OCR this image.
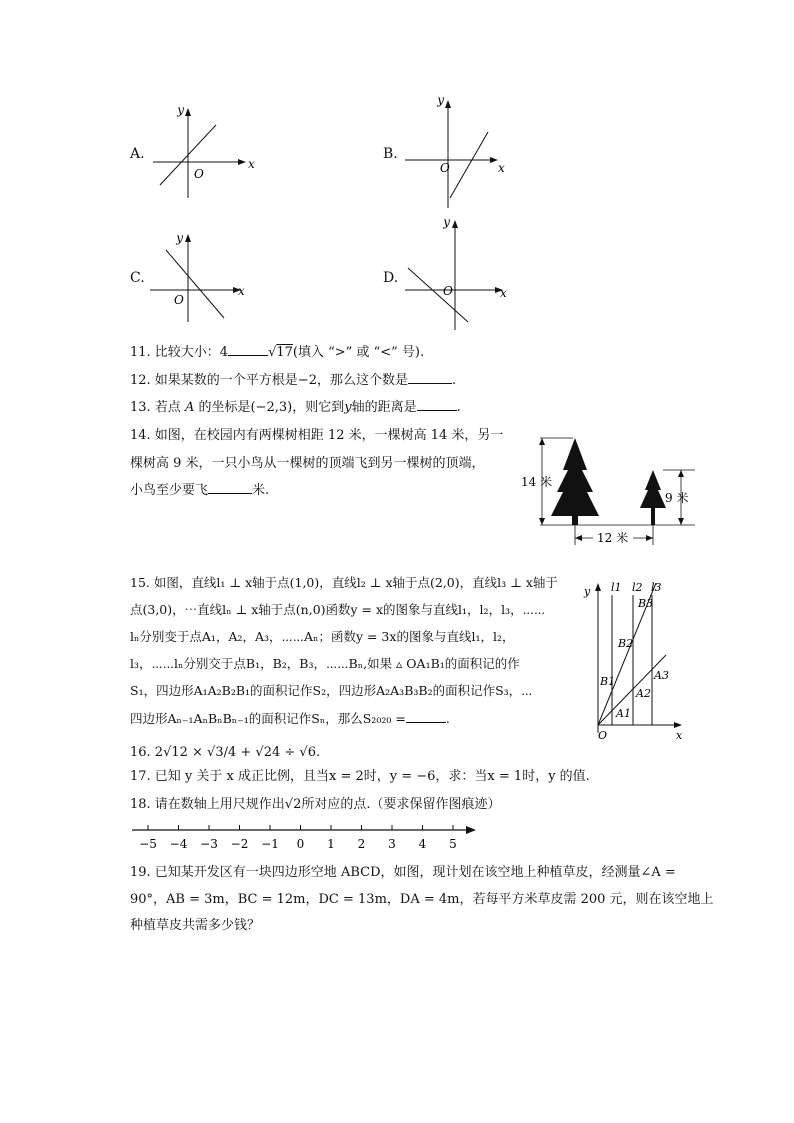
A.
y
x
O
B.
y
x
O
C.
y
x
O
D.
y
x
O
11. 比较大小：4	√17(填入 “>” 或 “<” 号).
12. 如果某数的一个平方根是−2，那么这个数是	.
13. 若点 A 的坐标是(−2,3)，则它到y轴的距离是	.
14. 如图，在校园内有两棵树相距 12 米，一棵树高 14 米，另一
棵树高 9 米，一只小鸟从一棵树的顶端飞到另一棵树的顶端，
小鸟至少要飞	米.
14 米
9 米
12 米
15. 如图，直线l₁ ⊥ x轴于点(1,0)，直线l₂ ⊥ x轴于点(2,0)，直线l₃ ⊥ x轴于
点(3,0)，⋯直线lₙ ⊥ x轴于点(n,0)函数y = x的图象与直线l₁，l₂，l₃，⋯⋯
lₙ分别变于点A₁，A₂，A₃，⋯⋯Aₙ；函数y = 3x的图象与直线l₁，l₂，
l₃，⋯⋯lₙ分别交于点B₁，B₂，B₃，⋯⋯Bₙ,如果 ▵ OA₁B₁的面积记的作
S₁，四边形A₁A₂B₂B₁的面积记作S₂，四边形A₂A₃B₃B₂的面积记作S₃，⋯
四边形Aₙ₋₁AₙBₙBₙ₋₁的面积记作Sₙ，那么S₂₀₂₀ =	.
y
x
O
l1 l2 l3
B3
B2
B1	A3
A2
A1
16. 2√12 × √3/4 + √24 ÷ √6.
17. 已知 y 关于 x 成正比例，且当x = 2时，y = −6，求：当x = 1时，y 的值.
18. 请在数轴上用尺规作出√2所对应的点.（要求保留作图痕迹）
−5 −4 −3 −2 −1 0 1 2 3 4 5
19. 已知某开发区有一块四边形空地 ABCD，如图，现计划在该空地上种植草皮，经测量∠A =
90°，AB = 3m，BC = 12m，DC = 13m，DA = 4m，若每平方米草皮需 200 元，则在该空地上
种植草皮共需多少钱？
